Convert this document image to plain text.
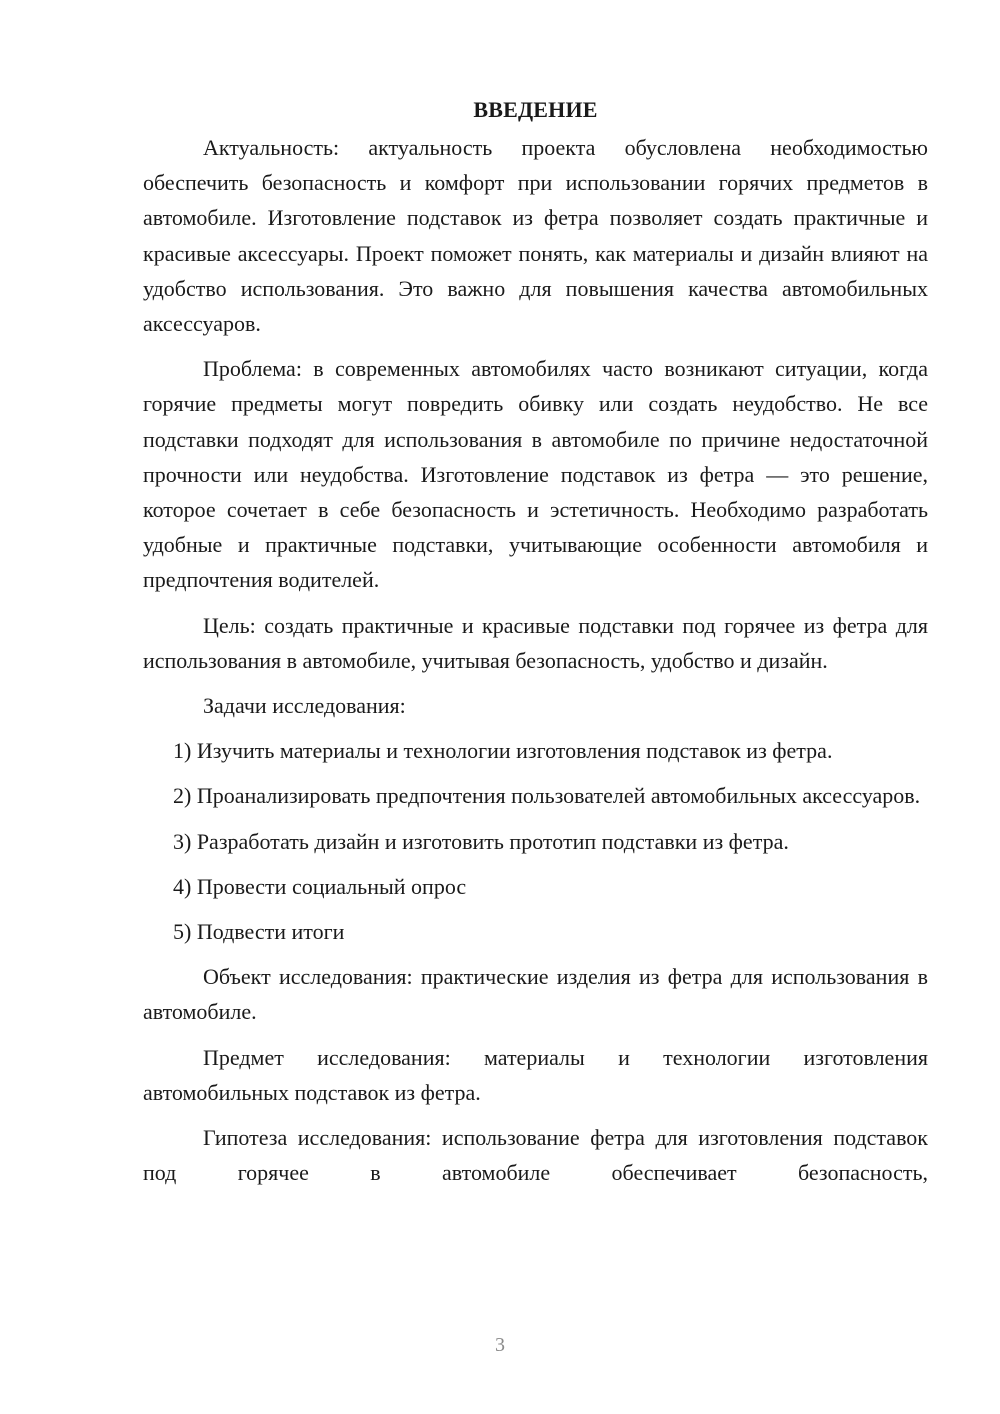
ВВЕДЕНИЕ

Актуальность: актуальность проекта обусловлена необходимостью обеспечить безопасность и комфорт при использовании горячих предметов в автомобиле. Изготовление подставок из фетра позволяет создать практичные и красивые аксессуары. Проект поможет понять, как материалы и дизайн влияют на удобство использования. Это важно для повышения качества автомобильных аксессуаров.

Проблема: в современных автомобилях часто возникают ситуации, когда горячие предметы могут повредить обивку или создать неудобство. Не все подставки подходят для использования в автомобиле по причине недостаточной прочности или неудобства. Изготовление подставок из фетра — это решение, которое сочетает в себе безопасность и эстетичность. Необходимо разработать удобные и практичные подставки, учитывающие особенности автомобиля и предпочтения водителей.

Цель: создать практичные и красивые подставки под горячее из фетра для использования в автомобиле, учитывая безопасность, удобство и дизайн.

Задачи исследования:

1) Изучить материалы и технологии изготовления подставок из фетра.

2) Проанализировать предпочтения пользователей автомобильных аксессуаров.

3) Разработать дизайн и изготовить прототип подставки из фетра.

4) Провести социальный опрос

5) Подвести итоги

Объект исследования: практические изделия из фетра для использования в автомобиле.

Предмет исследования: материалы и технологии изготовления автомобильных подставок из фетра.

Гипотеза исследования: использование фетра для изготовления подставок под горячее в автомобиле обеспечивает безопасность,

3
